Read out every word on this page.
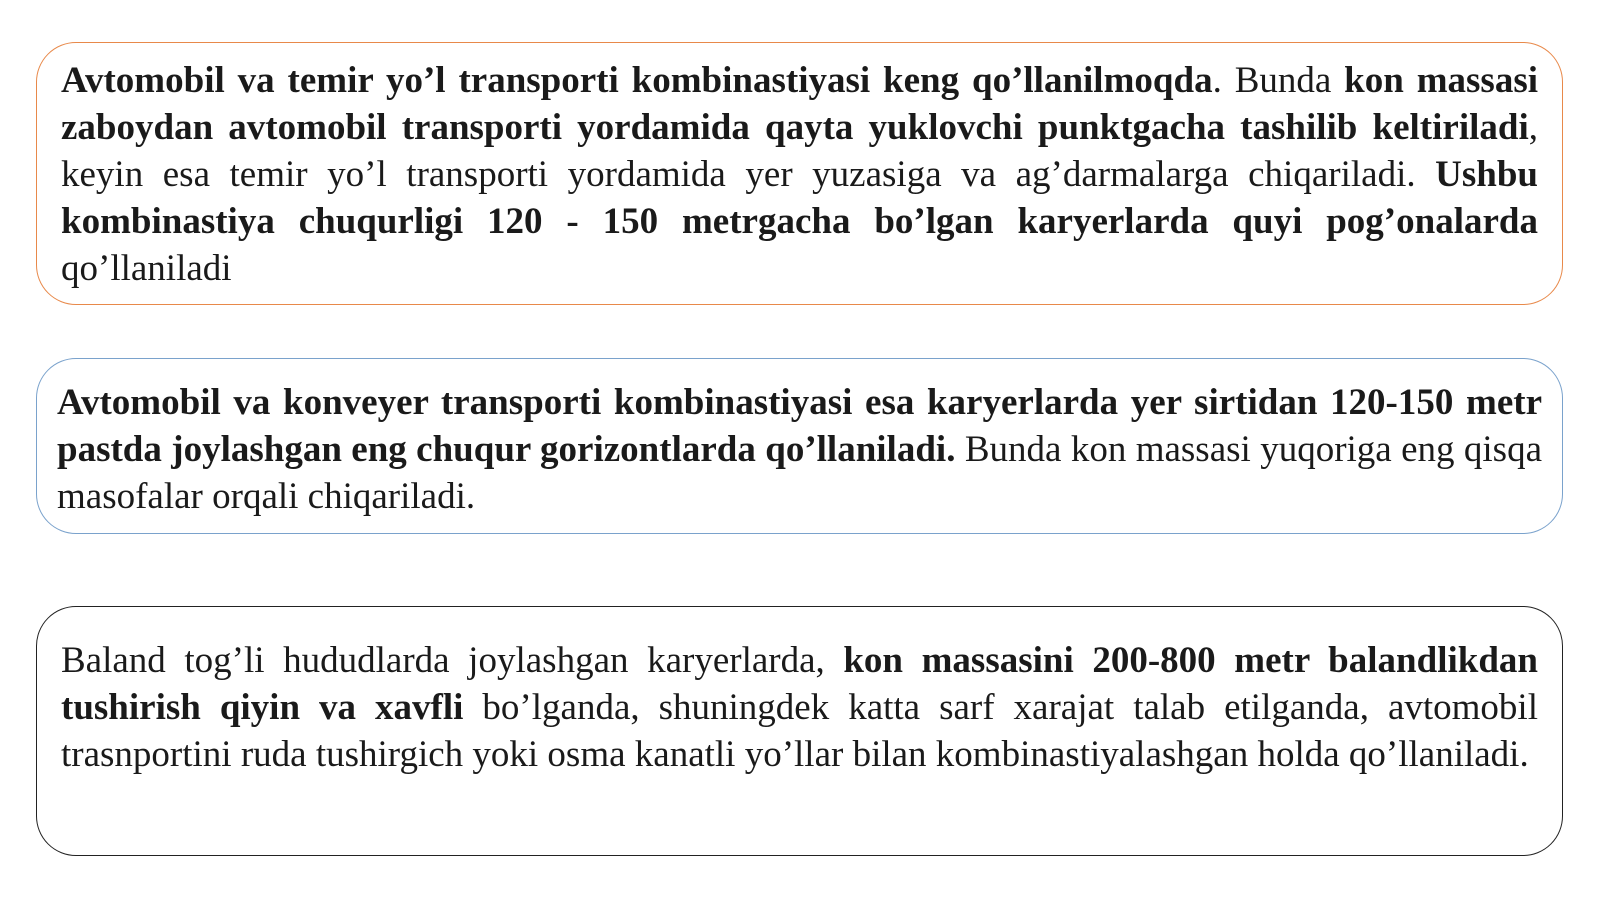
Avtomobil va temir yo’l transporti kombinastiyasi keng qo’llanilmoqda. Bunda kon massasi zaboydan avtomobil transporti yordamida qayta yuklovchi punktgacha tashilib keltiriladi, keyin esa temir yo’l transporti yordamida yer yuzasiga va ag’darmalarga chiqariladi. Ushbu kombinastiya chuqurligi 120 - 150 metrgacha bo’lgan karyerlarda quyi pog’onalarda qo’llaniladi

Avtomobil va konveyer transporti kombinastiyasi esa karyerlarda yer sirtidan 120-150 metr pastda joylashgan eng chuqur gorizontlarda qo’llaniladi. Bunda kon massasi yuqoriga eng qisqa masofalar orqali chiqariladi.

Baland tog’li hududlarda joylashgan karyerlarda, kon massasini 200-800 metr balandlikdan tushirish qiyin va xavfli bo’lganda, shuningdek katta sarf xarajat talab etilganda, avtomobil trasnportini ruda tushirgich yoki osma kanatli yo’llar bilan kombinastiyalashgan holda qo’llaniladi.
